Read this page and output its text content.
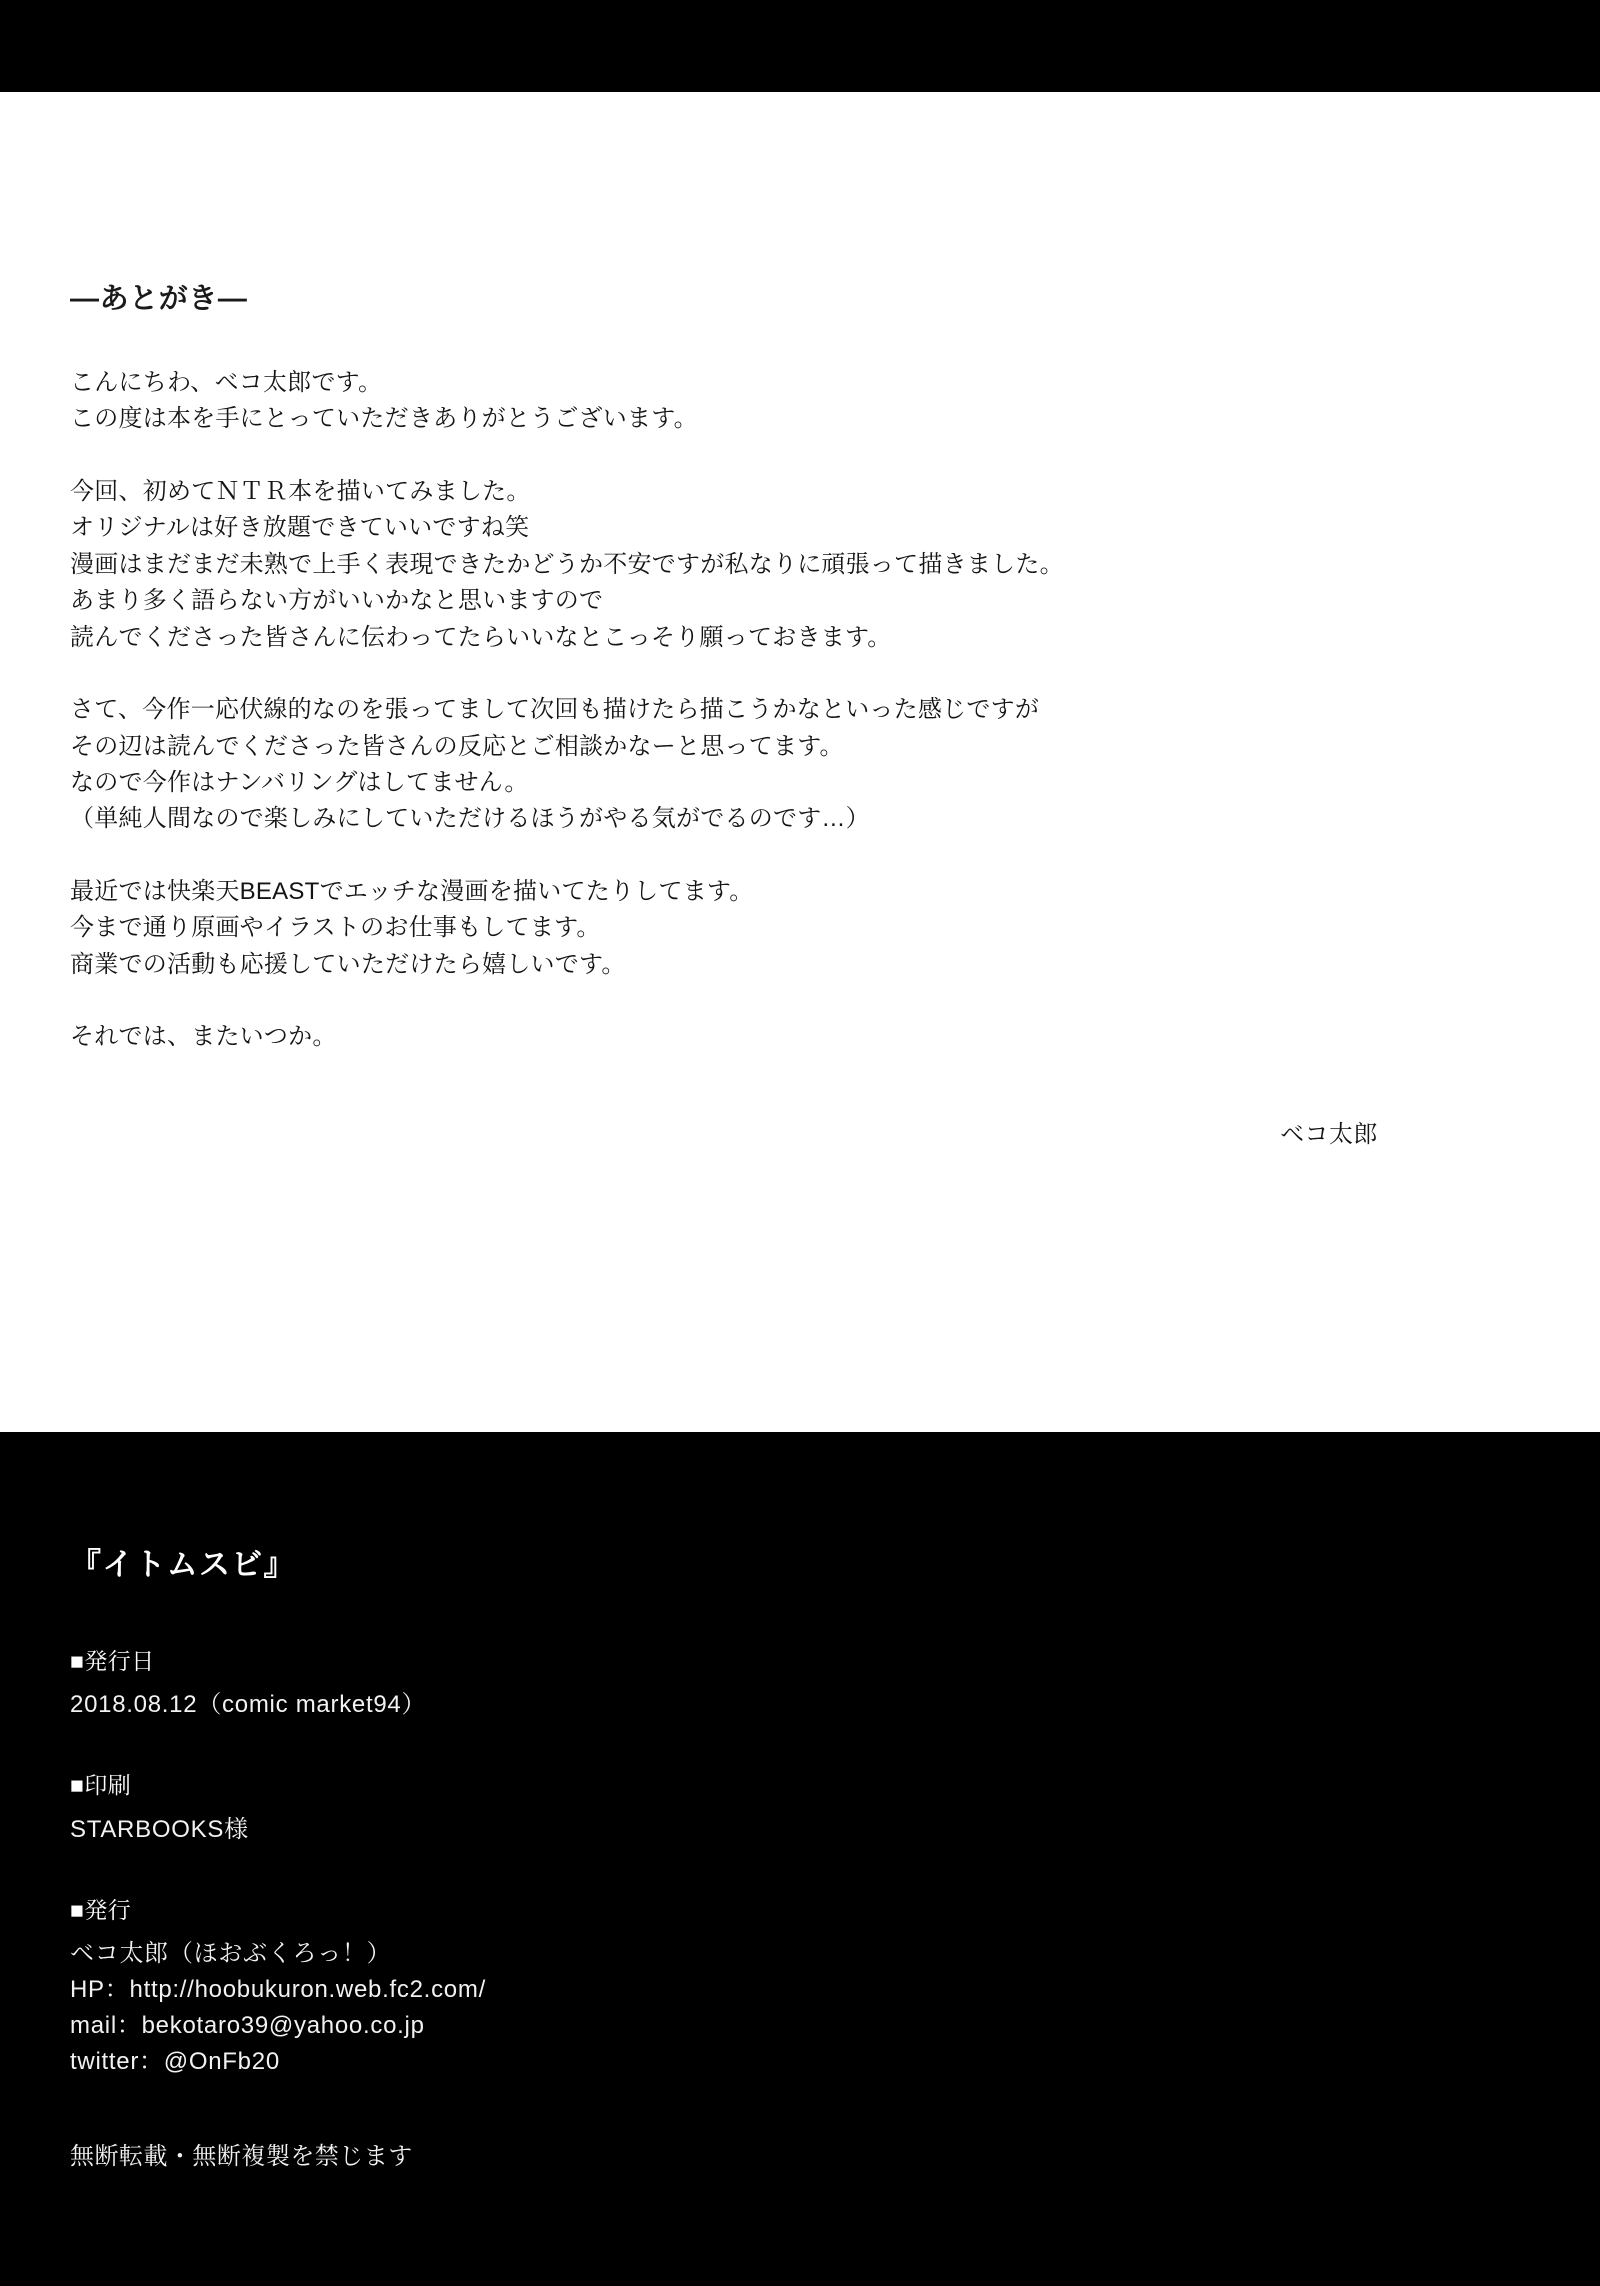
―あとがき―
こんにちわ、ベコ太郎です。
この度は本を手にとっていただきありがとうございます。
今回、初めてＮＴＲ本を描いてみました。
オリジナルは好き放題できていいですね笑
漫画はまだまだ未熟で上手く表現できたかどうか不安ですが私なりに頑張って描きました。
あまり多く語らない方がいいかなと思いますので
読んでくださった皆さんに伝わってたらいいなとこっそり願っておきます。
さて、今作一応伏線的なのを張ってまして次回も描けたら描こうかなといった感じですが
その辺は読んでくださった皆さんの反応とご相談かなーと思ってます。
なので今作はナンバリングはしてません。
（単純人間なので楽しみにしていただけるほうがやる気がでるのです…）
最近では快楽天BEASTでエッチな漫画を描いてたりしてます。
今まで通り原画やイラストのお仕事もしてます。
商業での活動も応援していただけたら嬉しいです。
それでは、またいつか。
ベコ太郎
『イトムスビ』
■発行日
2018.08.12（comic market94）
■印刷
STARBOOKS様
■発行
ベコ太郎（ほおぶくろっ！）
HP：http://hoobukuron.web.fc2.com/
mail：bekotaro39@yahoo.co.jp
twitter：@OnFb20
無断転載・無断複製を禁じます
